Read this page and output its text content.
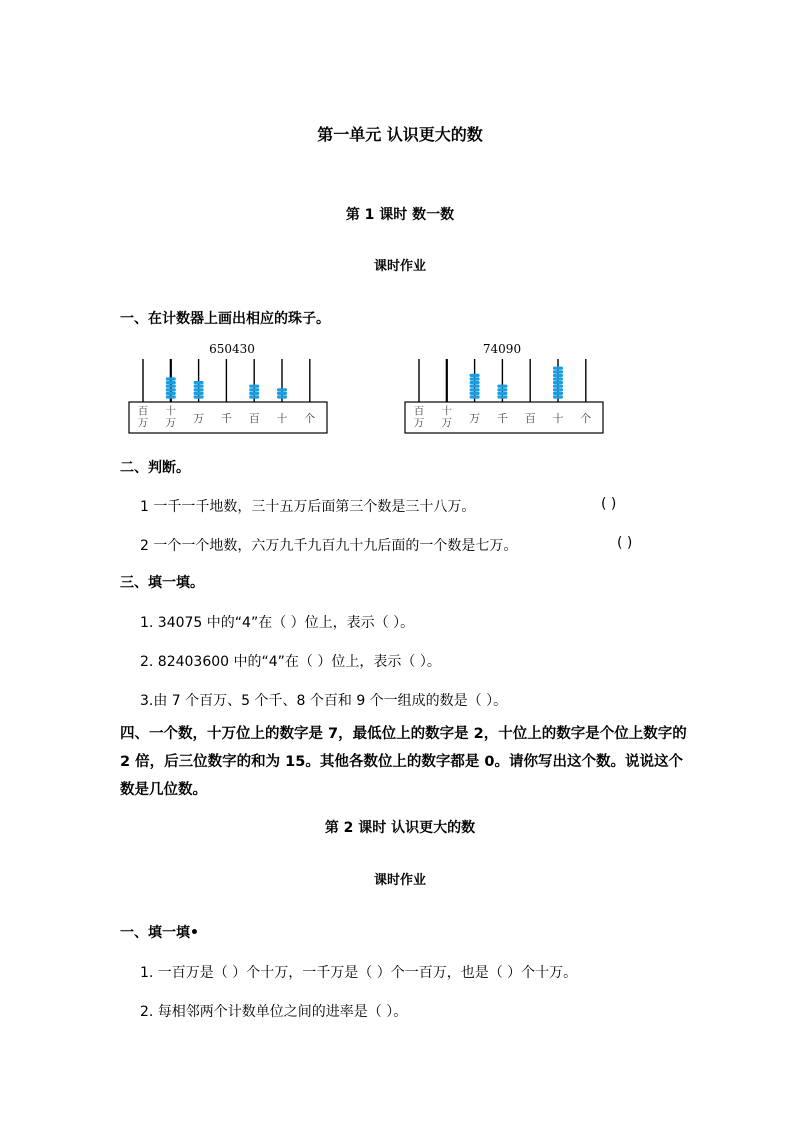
第一单元 认识更大的数
第 1 课时 数一数
课时作业
一、在计数器上画出相应的珠子。
650430
百
万
十
万 万 千 百 十 个
74090
百
万
十
万 万 千 百 十 个
二、判断。
1 一千一千地数，三十五万后面第三个数是三十八万。	( )
2 一个一个地数，六万九千九百九十九后面的一个数是七万。	( )
三、填一填。
1. 34075 中的“4”在（ ）位上，表示（ ）。
2. 82403600 中的“4”在（ ）位上，表示（ ）。
3.由 7 个百万、5 个千、8 个百和 9 个一组成的数是（ ）。
四、一个数，十万位上的数字是 7，最低位上的数字是 2，十位上的数字是个位上数字的 2 倍，后三位数字的和为 15。其他各数位上的数字都是 0。请你写出这个数。说说这个数是几位数。
第 2 课时 认识更大的数
课时作业
一、填一填•
1. 一百万是（ ）个十万，一千万是（ ）个一百万，也是（ ）个十万。
2. 每相邻两个计数单位之间的进率是（ ）。
